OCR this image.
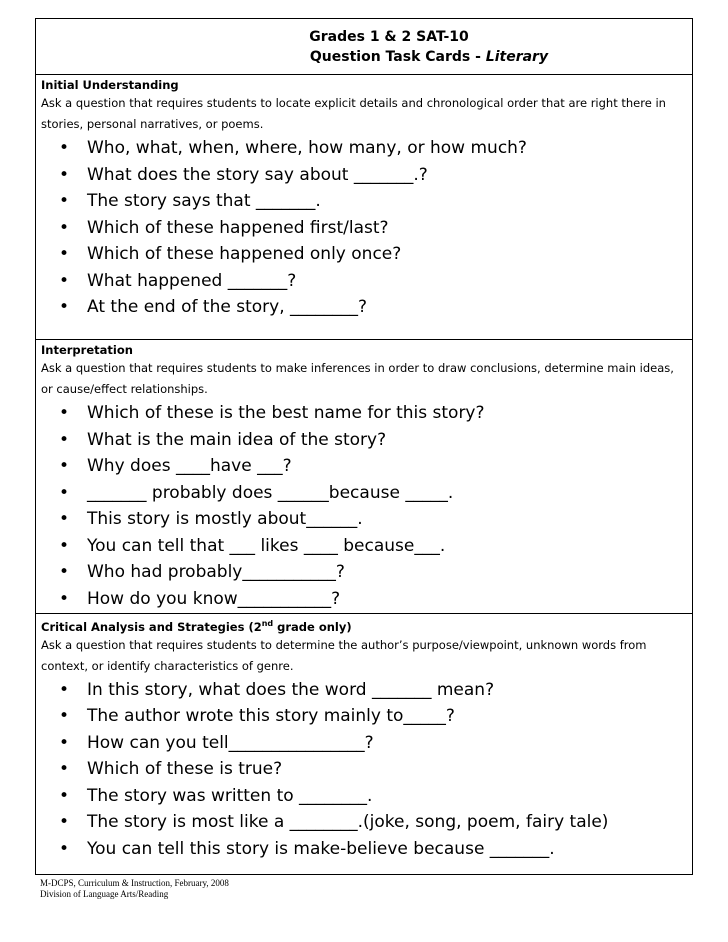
Grades 1 & 2 SAT-10
Question Task Cards - Literary
Initial Understanding
Ask a question that requires students to locate explicit details and chronological order that are right there in stories, personal narratives, or poems.
• Who, what, when, where, how many, or how much?
• What does the story say about _______.?
• The story says that _______.
• Which of these happened first/last?
• Which of these happened only once?
• What happened _______?
• At the end of the story, ________?
Interpretation
Ask a question that requires students to make inferences in order to draw conclusions, determine main ideas, or cause/effect relationships.
• Which of these is the best name for this story?
• What is the main idea of the story?
• Why does ____have ___?
• _______ probably does ______because _____.
• This story is mostly about______.
• You can tell that ___ likes ____ because___.
• Who had probably___________?
• How do you know___________?
Critical Analysis and Strategies (2nd grade only)
Ask a question that requires students to determine the author’s purpose/viewpoint, unknown words from context, or identify characteristics of genre.
• In this story, what does the word _______ mean?
• The author wrote this story mainly to_____?
• How can you tell________________?
• Which of these is true?
• The story was written to ________.
• The story is most like a ________.(joke, song, poem, fairy tale)
• You can tell this story is make-believe because _______.
M-DCPS, Curriculum & Instruction, February, 2008
Division of Language Arts/Reading
